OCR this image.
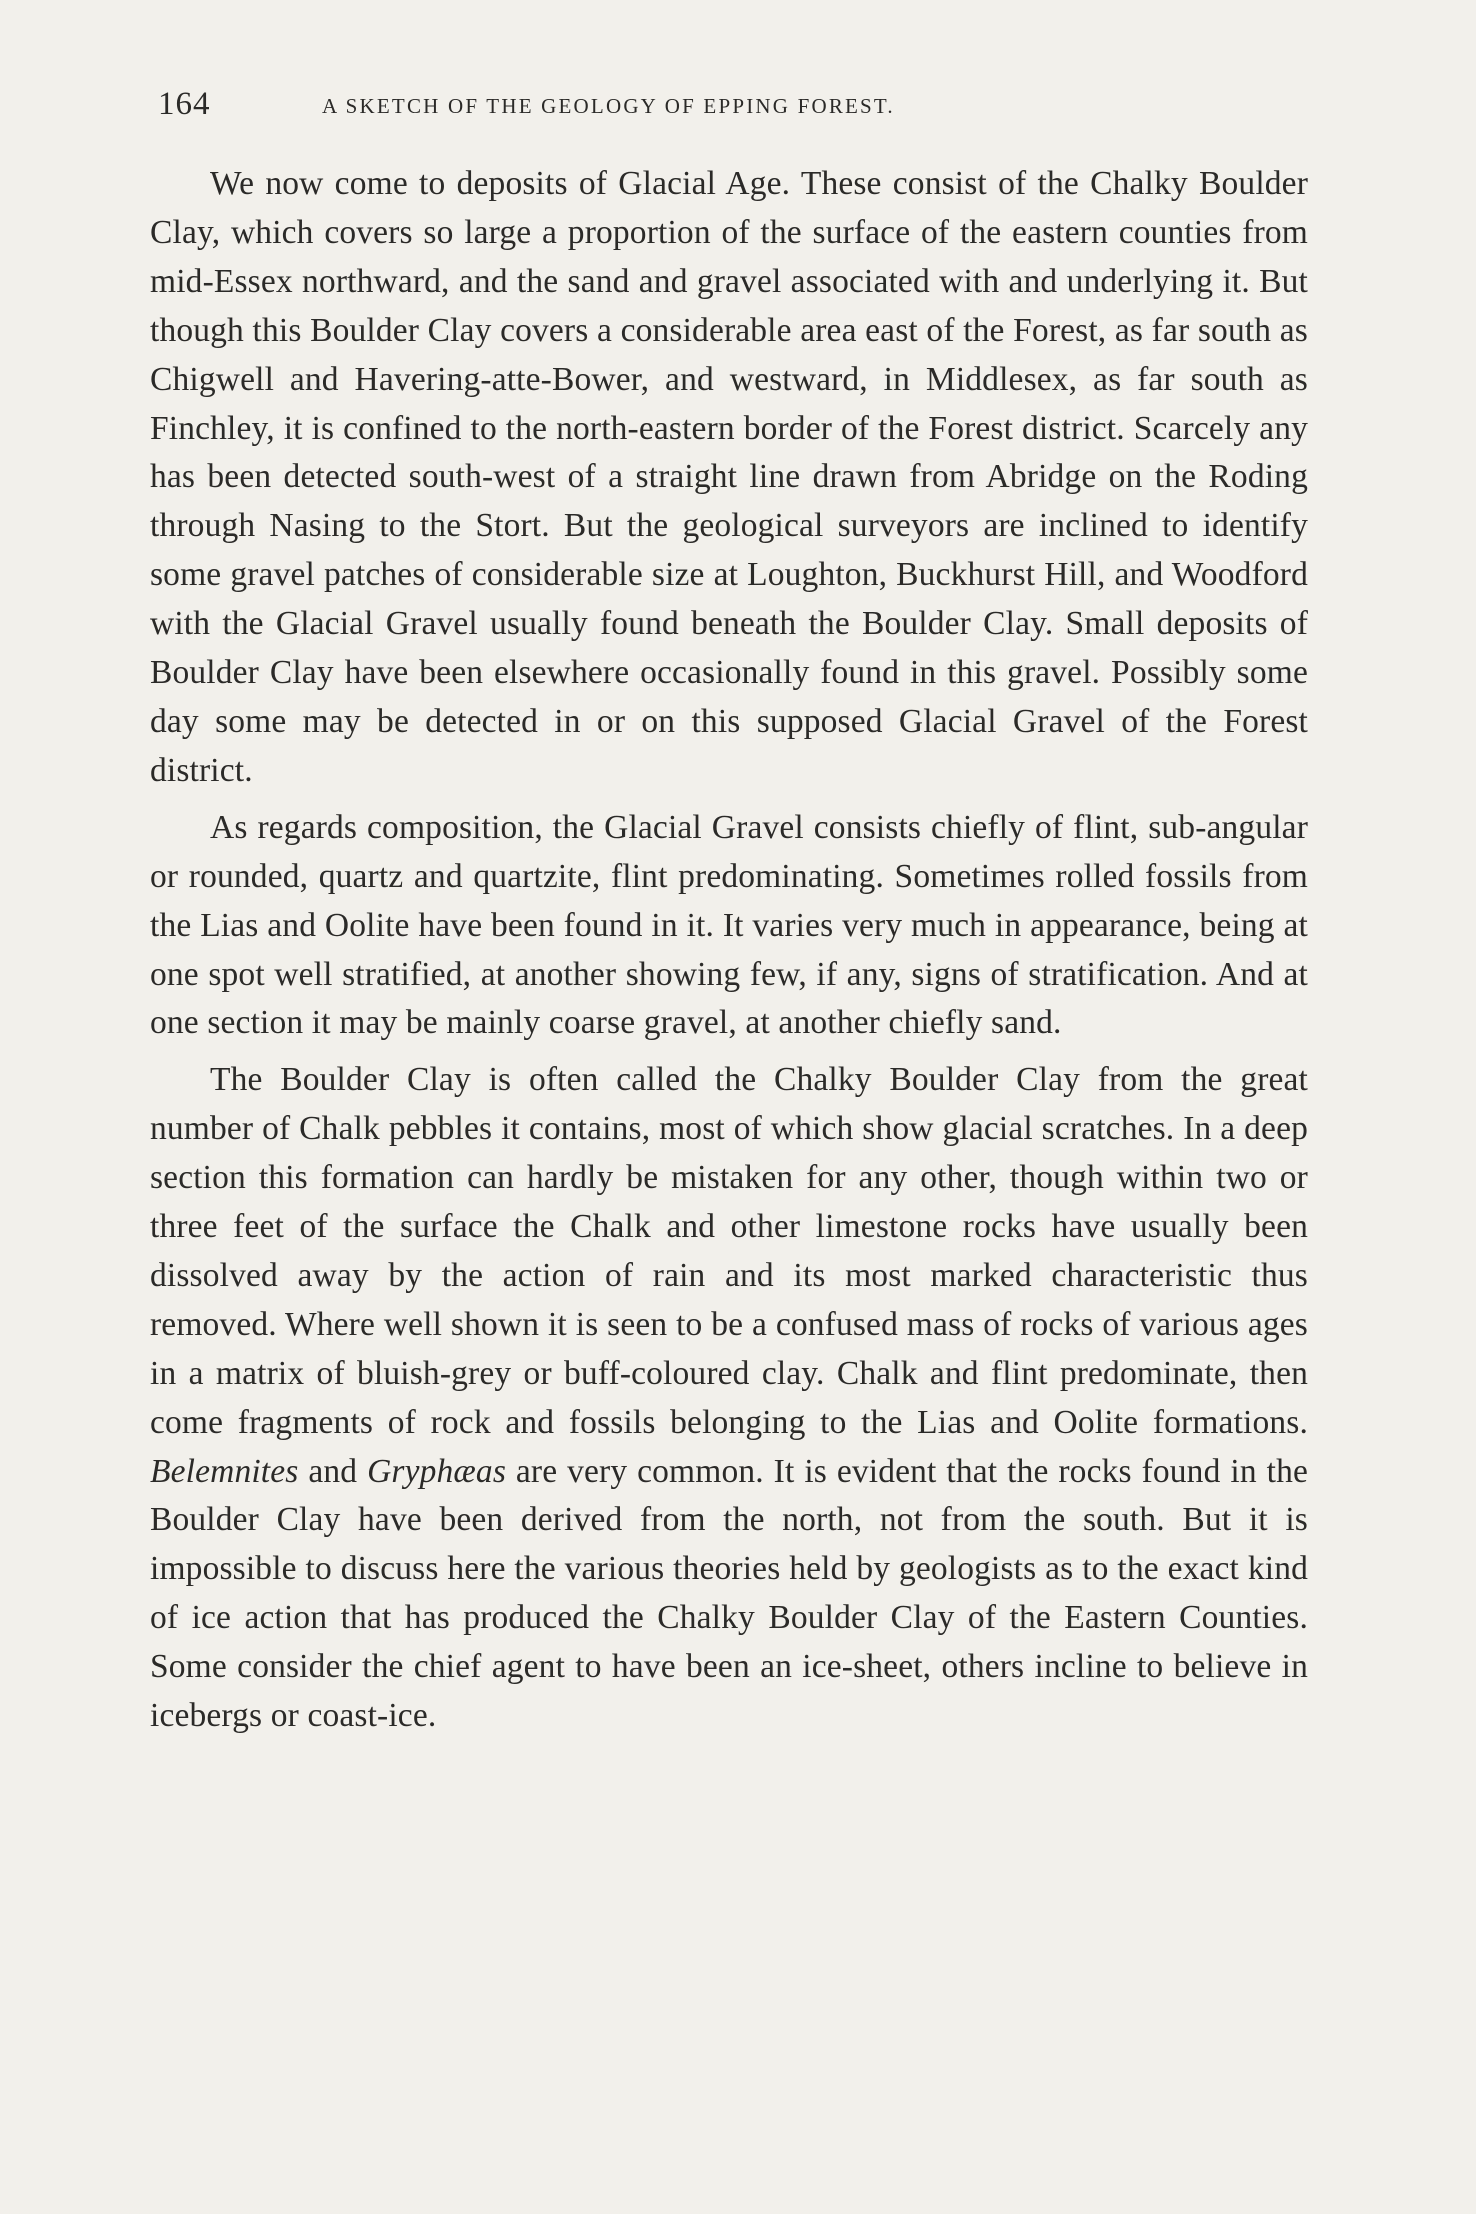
164	A SKETCH OF THE GEOLOGY OF EPPING FOREST.

We now come to deposits of Glacial Age. These consist of the Chalky Boulder Clay, which covers so large a proportion of the surface of the eastern counties from mid-Essex northward, and the sand and gravel associated with and underlying it. But though this Boulder Clay covers a considerable area east of the Forest, as far south as Chigwell and Havering-atte-Bower, and westward, in Middlesex, as far south as Finchley, it is confined to the north-eastern border of the Forest district. Scarcely any has been detected south-west of a straight line drawn from Abridge on the Roding through Nasing to the Stort. But the geological surveyors are inclined to identify some gravel patches of considerable size at Loughton, Buckhurst Hill, and Woodford with the Glacial Gravel usually found beneath the Boulder Clay. Small deposits of Boulder Clay have been elsewhere occasionally found in this gravel. Possibly some day some may be detected in or on this supposed Glacial Gravel of the Forest district.

As regards composition, the Glacial Gravel consists chiefly of flint, sub-angular or rounded, quartz and quartzite, flint predominating. Sometimes rolled fossils from the Lias and Oolite have been found in it. It varies very much in appearance, being at one spot well stratified, at another showing few, if any, signs of stratification. And at one section it may be mainly coarse gravel, at another chiefly sand.

The Boulder Clay is often called the Chalky Boulder Clay from the great number of Chalk pebbles it contains, most of which show glacial scratches. In a deep section this formation can hardly be mistaken for any other, though within two or three feet of the surface the Chalk and other limestone rocks have usually been dissolved away by the action of rain and its most marked characteristic thus removed. Where well shown it is seen to be a confused mass of rocks of various ages in a matrix of bluish-grey or buff-coloured clay. Chalk and flint predominate, then come fragments of rock and fossils belonging to the Lias and Oolite formations. Belemnites and Gryphæas are very common. It is evident that the rocks found in the Boulder Clay have been derived from the north, not from the south. But it is impossible to discuss here the various theories held by geologists as to the exact kind of ice action that has produced the Chalky Boulder Clay of the Eastern Counties. Some consider the chief agent to have been an ice-sheet, others incline to believe in icebergs or coast-ice.
